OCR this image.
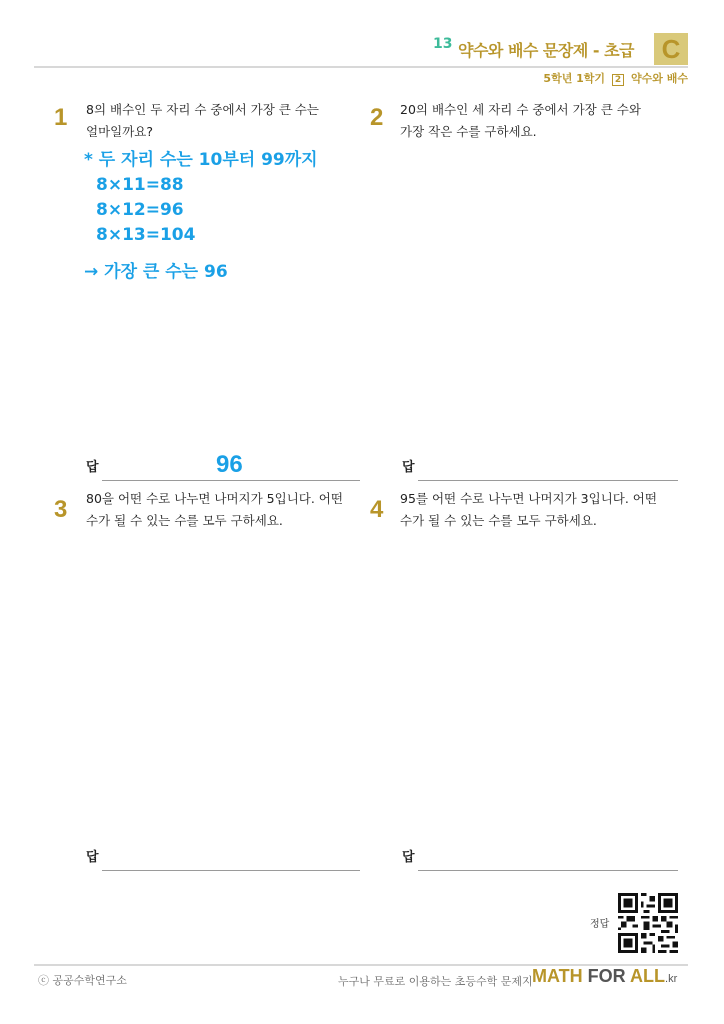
13 약수와 배수 문장제 - 초급 C
5학년 1학기 2 약수와 배수
1 8의 배수인 두 자리 수 중에서 가장 큰 수는
얼마일까요?
* 두 자리 수는 10부터 99까지
8×11=88
8×12=96
8×13=104
→ 가장 큰 수는 96
답	96
2 20의 배수인 세 자리 수 중에서 가장 큰 수와
가장 작은 수를 구하세요.
답
3 80을 어떤 수로 나누면 나머지가 5입니다. 어떤
수가 될 수 있는 수를 모두 구하세요.
답
4 95를 어떤 수로 나누면 나머지가 3입니다. 어떤
수가 될 수 있는 수를 모두 구하세요.
답
정답
ⓒ 공공수학연구소	누구나 무료로 이용하는 초등수학 문제지 MATH FOR ALL.kr
